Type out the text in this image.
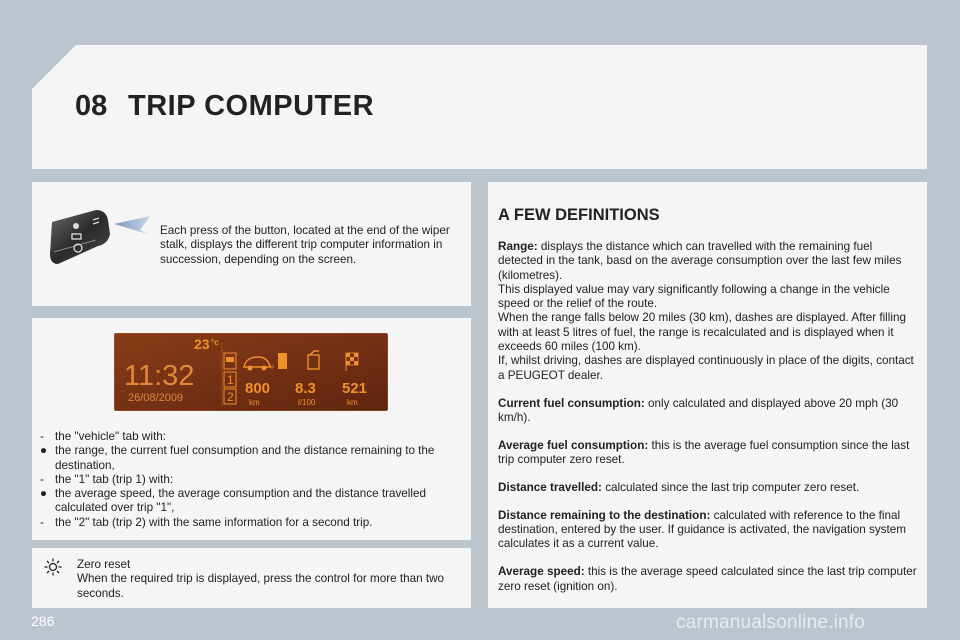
08 TRIP COMPUTER
Each press of the button, located at the end of the wiper stalk, displays the different trip computer information in succession, depending on the screen.
23 °c
11:32
26/08/2009
1
2
»
800
km
8.3
l/100
521
km
- the "vehicle" tab with:
● the range, the current fuel consumption and the distance remaining to the destination,
- the "1" tab (trip 1) with:
● the average speed, the average consumption and the distance travelled calculated over trip "1",
- the "2" tab (trip 2) with the same information for a second trip.
Zero reset
When the required trip is displayed, press the control for more than two seconds.
A FEW DEFINITIONS

Range: displays the distance which can travelled with the remaining fuel detected in the tank, basd on the average consumption over the last few miles (kilometres).
This displayed value may vary significantly following a change in the vehicle speed or the relief of the route.
When the range falls below 20 miles (30 km), dashes are displayed. After filling with at least 5 litres of fuel, the range is recalculated and is displayed when it exceeds 60 miles (100 km).
If, whilst driving, dashes are displayed continuously in place of the digits, contact a PEUGEOT dealer.

Current fuel consumption: only calculated and displayed above 20 mph (30 km/h).

Average fuel consumption: this is the average fuel consumption since the last trip computer zero reset.

Distance travelled: calculated since the last trip computer zero reset.

Distance remaining to the destination: calculated with reference to the final destination, entered by the user. If guidance is activated, the navigation system calculates it as a current value.

Average speed: this is the average speed calculated since the last trip computer zero reset (ignition on).

286	carmanualsonline.info
